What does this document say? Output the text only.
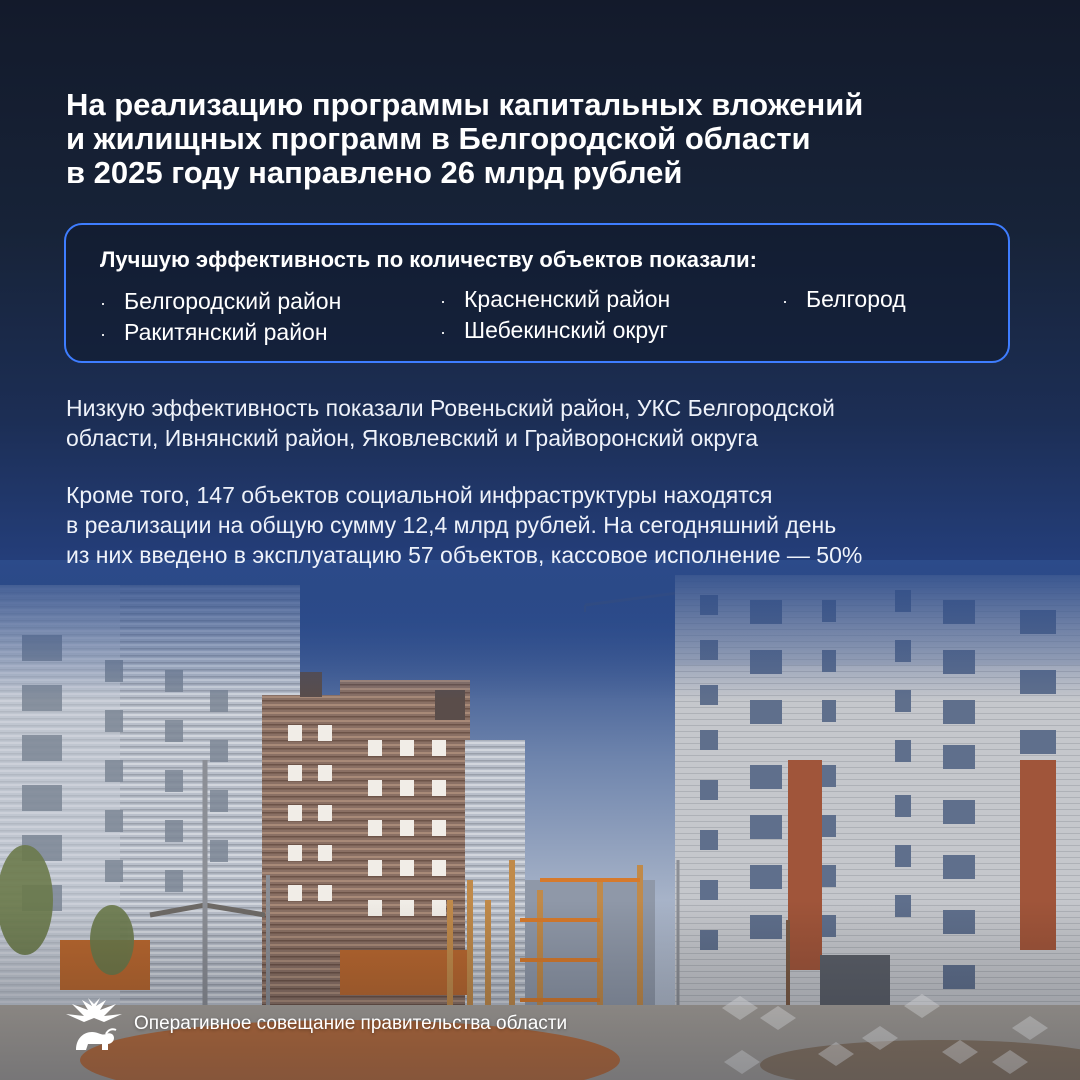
На реализацию программы капитальных вложений
и жилищных программ в Белгородской области
в 2025 году направлено 26 млрд рублей

Лучшую эффективность по количеству объектов показали:

· Белгородский район
· Ракитянский район
· Красненский район
· Шебекинский округ
· Белгород

Низкую эффективность показали Ровеньский район, УКС Белгородской
области, Ивнянский район, Яковлевский и Грайворонский округа

Кроме того, 147 объектов социальной инфраструктуры находятся
в реализации на общую сумму 12,4 млрд рублей. На сегодняшний день
из них введено в эксплуатацию 57 объектов, кассовое исполнение — 50%

Оперативное совещание правительства области
